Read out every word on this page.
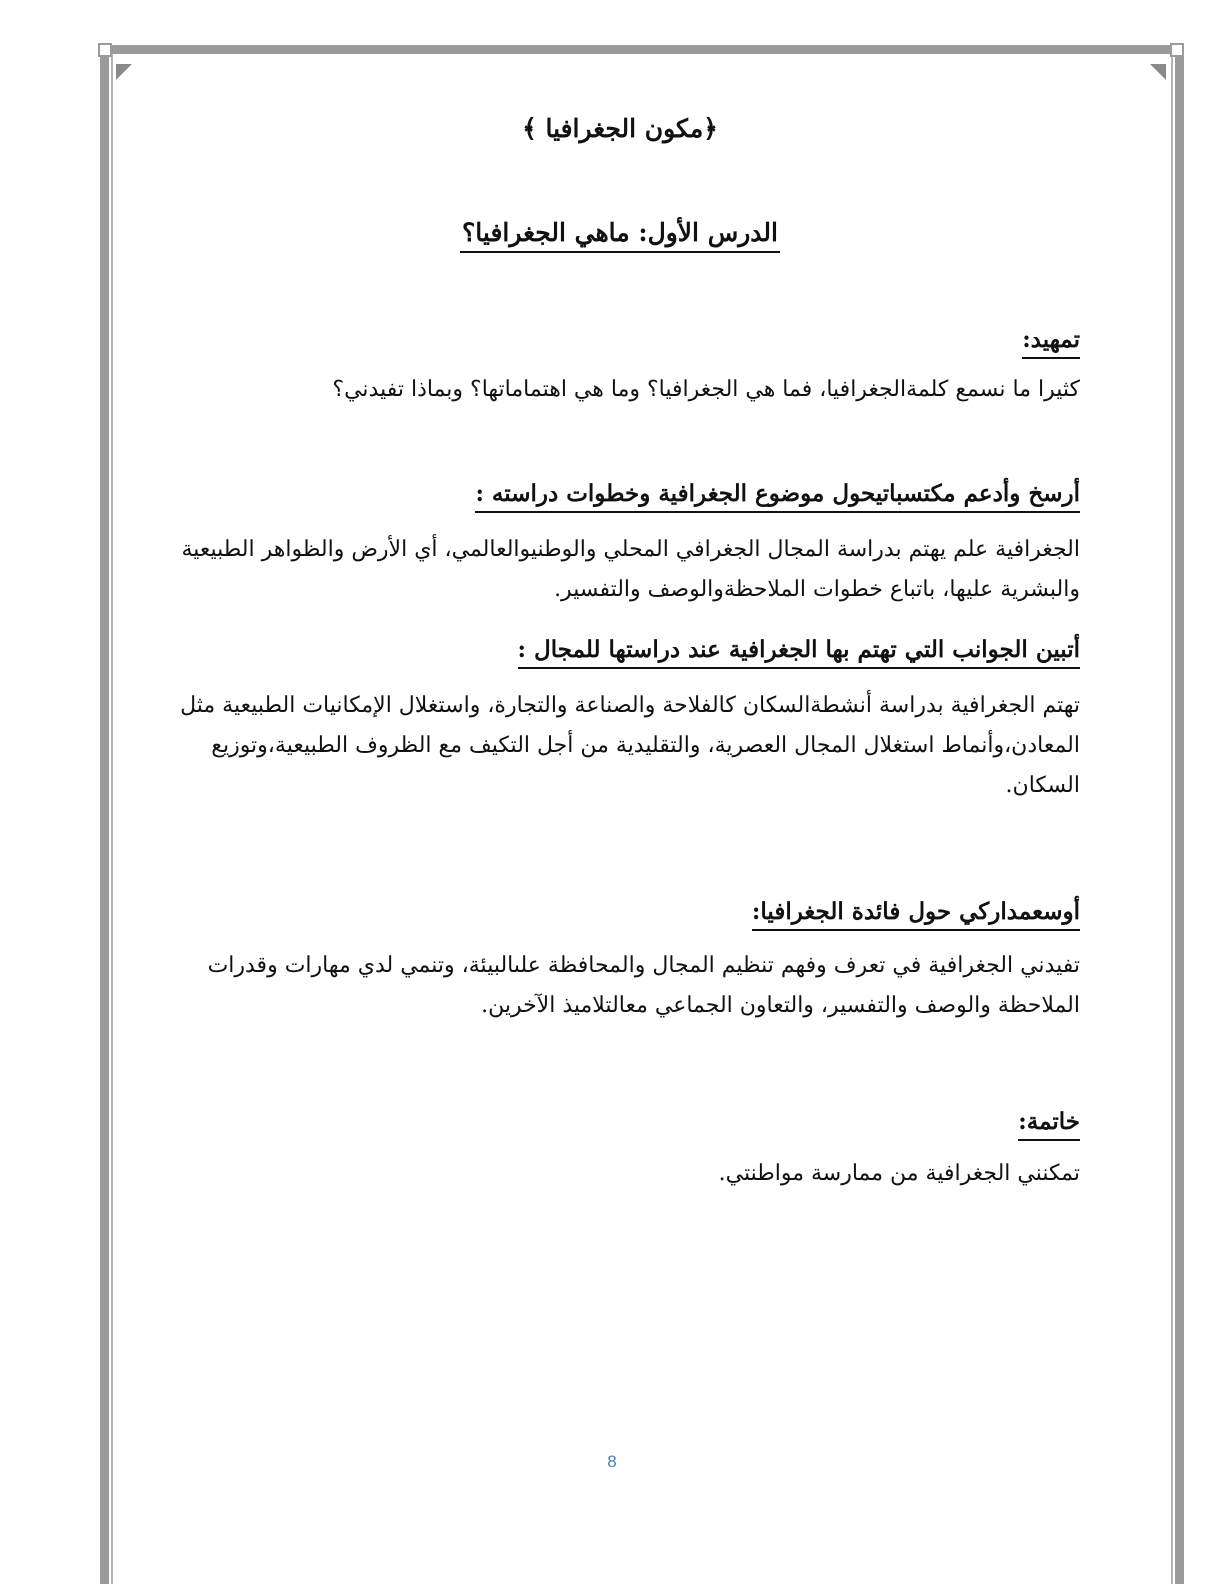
﴿مكون الجغرافيا ﴾
الدرس الأول: ماهي الجغرافيا؟
تمهيد:
كثيرا ما نسمع كلمةالجغرافيا، فما هي الجغرافيا؟ وما هي اهتماماتها؟ وبماذا تفيدني؟
أرسخ وأدعم مكتسباتيحول موضوع الجغرافية وخطوات دراسته :
الجغرافية علم يهتم بدراسة المجال الجغرافي المحلي والوطنيوالعالمي، أي الأرض والظواهر الطبيعية والبشرية عليها، باتباع خطوات الملاحظةوالوصف والتفسير.
أتبين الجوانب التي تهتم بها الجغرافية عند دراستها للمجال :
تهتم الجغرافية بدراسة أنشطةالسكان كالفلاحة والصناعة والتجارة، واستغلال الإمكانيات الطبيعية مثل المعادن،وأنماط استغلال المجال العصرية، والتقليدية من أجل التكيف مع الظروف الطبيعية،وتوزيع السكان.
أوسعمداركي حول فائدة الجغرافيا:
تفيدني الجغرافية في تعرف وفهم تنظيم المجال والمحافظة علىالبيئة، وتنمي لدي مهارات وقدرات الملاحظة والوصف والتفسير، والتعاون الجماعي معالتلاميذ الآخرين.
خاتمة:
تمكنني الجغرافية من ممارسة مواطنتي.
8
